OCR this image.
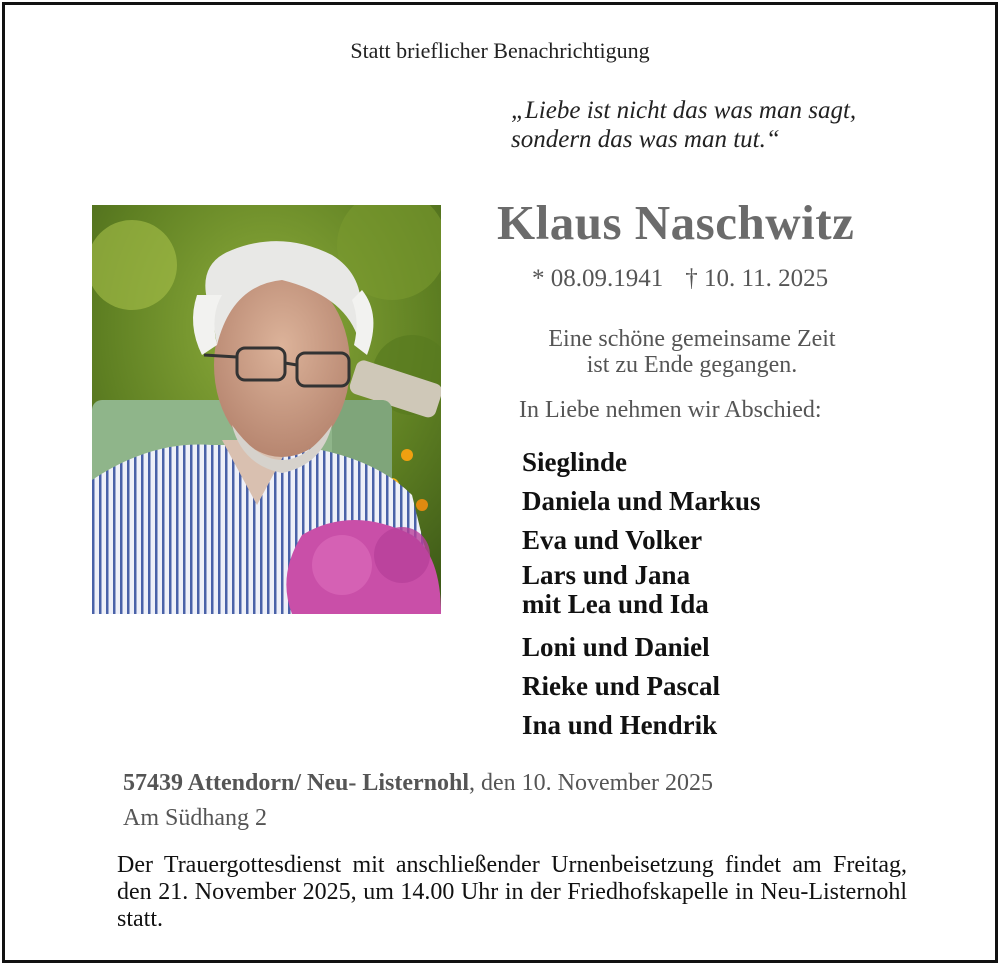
Statt brieflicher Benachrichtigung
„Liebe ist nicht das was man sagt,
sondern das was man tut.“
Klaus Naschwitz
* 08.09.1941 † 10. 11. 2025
Eine schöne gemeinsame Zeit
ist zu Ende gegangen.
In Liebe nehmen wir Abschied:
Sieglinde
Daniela und Markus
Eva und Volker
Lars und Jana
mit Lea und Ida
Loni und Daniel
Rieke und Pascal
Ina und Hendrik
57439 Attendorn/ Neu- Listernohl, den 10. November 2025
Am Südhang 2
Der Trauergottesdienst mit anschließender Urnenbeisetzung findet am Freitag, den 21. November 2025, um 14.00 Uhr in der Friedhofskapelle in Neu-Listernohl statt.
